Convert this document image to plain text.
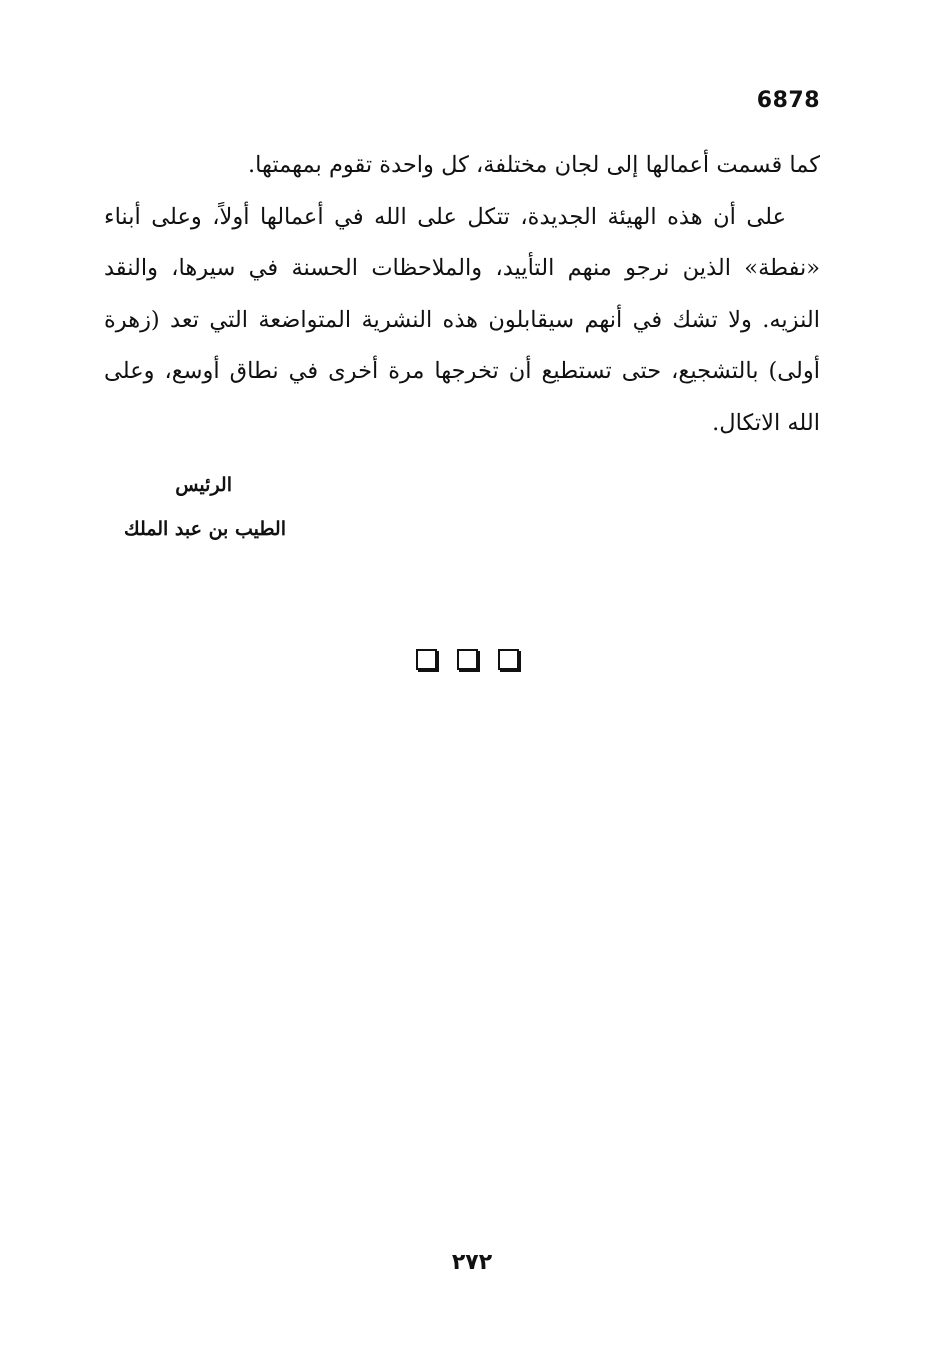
6878

كما قسمت أعمالها إلى لجان مختلفة، كل واحدة تقوم بمهمتها.

على أن هذه الهيئة الجديدة، تتكل على الله في أعمالها أولاً، وعلى أبناء «نفطة» الذين نرجو منهم التأييد، والملاحظات الحسنة في سيرها، والنقد النزيه. ولا تشك في أنهم سيقابلون هذه النشرية المتواضعة التي تعد (زهرة أولى) بالتشجيع، حتى تستطيع أن تخرجها مرة أخرى في نطاق أوسع، وعلى الله الاتكال.

الرئيس
الطيب بن عبد الملك
٢٧٢
